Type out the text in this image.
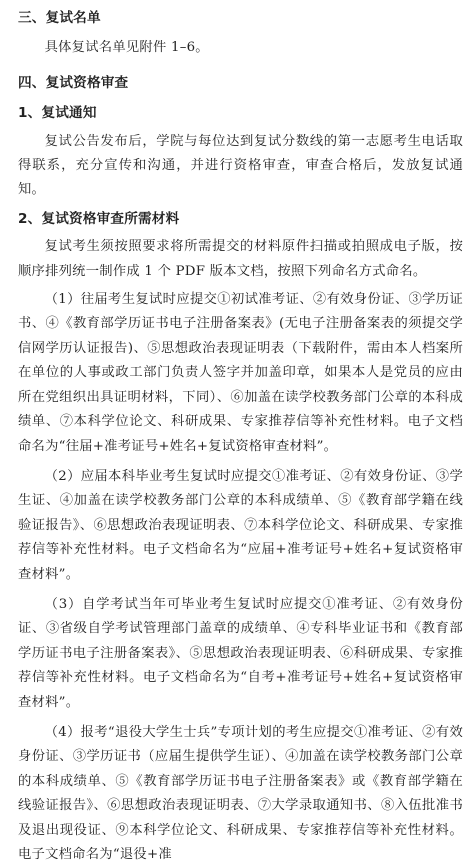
三、复试名单

具体复试名单见附件 1–6。

四、复试资格审查
1、复试通知

复试公告发布后，学院与每位达到复试分数线的第一志愿考生电话取得联系，充分宣传和沟通，并进行资格审查，审查合格后，发放复试通知。

2、复试资格审查所需材料

复试考生须按照要求将所需提交的材料原件扫描或拍照成电子版，按顺序排列统一制作成 1 个 PDF 版本文档，按照下列命名方式命名。

（1）往届考生复试时应提交①初试准考证、②有效身份证、③学历证书、④《教育部学历证书电子注册备案表》(无电子注册备案表的须提交学信网学历认证报告)、⑤思想政治表现证明表（下载附件，需由本人档案所在单位的人事或政工部门负责人签字并加盖印章，如果本人是党员的应由所在党组织出具证明材料，下同）、⑥加盖在读学校教务部门公章的本科成绩单、⑦本科学位论文、科研成果、专家推荐信等补充性材料。电子文档命名为“往届+准考证号+姓名+复试资格审查材料”。

（2）应届本科毕业考生复试时应提交①准考证、②有效身份证、③学生证、④加盖在读学校教务部门公章的本科成绩单、⑤《教育部学籍在线验证报告》、⑥思想政治表现证明表、⑦本科学位论文、科研成果、专家推荐信等补充性材料。电子文档命名为“应届+准考证号+姓名+复试资格审查材料”。

（3）自学考试当年可毕业考生复试时应提交①准考证、②有效身份证、③省级自学考试管理部门盖章的成绩单、④专科毕业证书和《教育部学历证书电子注册备案表》、⑤思想政治表现证明表、⑥科研成果、专家推荐信等补充性材料。电子文档命名为“自考+准考证号+姓名+复试资格审查材料”。

（4）报考“退役大学生士兵”专项计划的考生应提交①准考证、②有效身份证、③学历证书（应届生提供学生证）、④加盖在读学校教务部门公章的本科成绩单、⑤《教育部学历证书电子注册备案表》或《教育部学籍在线验证报告》、⑥思想政治表现证明表、⑦大学录取通知书、⑧入伍批准书及退出现役证、⑨本科学位论文、科研成果、专家推荐信等补充性材料。电子文档命名为“退役+准
